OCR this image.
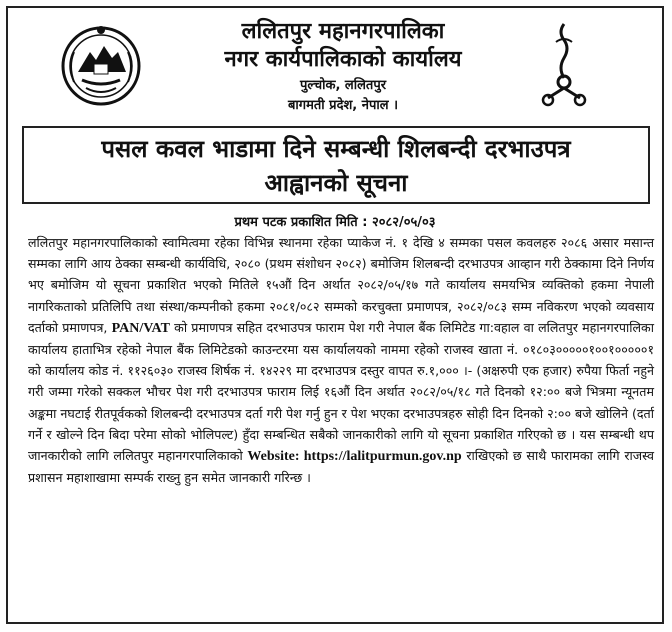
ललितपुर महानगरपालिका
नगर कार्यपालिकाको कार्यालय
पुल्चोक, ललितपुर
बागमती प्रदेश, नेपाल ।
पसल कवल भाडामा दिने सम्बन्धी शिलबन्दी दरभाउपत्र
आह्वानको सूचना
प्रथम पटक प्रकाशित मिति : २०८२/०५/०३
ललितपुर महानगरपालिकाको स्वामित्वमा रहेका विभिन्न स्थानमा रहेका प्याकेज नं. १ देखि ४ सम्मका पसल कवलहरु २०८६ असार मसान्त सम्मका लागि आय ठेक्का सम्बन्धी कार्यविधि, २०८० (प्रथम संशोधन २०८२) बमोजिम शिलबन्दी दरभाउपत्र आव्हान गरी ठेक्कामा दिने निर्णय भए बमोजिम यो सूचना प्रकाशित भएको मितिले १५औं दिन अर्थात २०८२/०५/१७ गते कार्यालय समयभित्र व्यक्तिको हकमा नेपाली नागरिकताको प्रतिलिपि तथा संस्था/कम्पनीको हकमा २०८१/०८२ सम्मको करचुक्ता प्रमाणपत्र, २०८२/०८३ सम्म नविकरण भएको व्यवसाय दर्ताको प्रमाणपत्र, PAN/VAT को प्रमाणपत्र सहित दरभाउपत्र फाराम पेश गरी नेपाल बैंक लिमिटेड गा:वहाल वा ललितपुर महानगरपालिका कार्यालय हाताभित्र रहेको नेपाल बैंक लिमिटेडको काउन्टरमा यस कार्यालयको नाममा रहेको राजस्व खाता नं. ०१८०३०००००१००१०००००१ को कार्यालय कोड नं. ११२६०३० राजस्व शिर्षक नं. १४२२९ मा दरभाउपत्र दस्तुर वापत रु.१,००० ।- (अक्षरुपी एक हजार) रुपैया फिर्ता नहुने गरी जम्मा गरेको सक्कल भौचर पेश गरी दरभाउपत्र फाराम लिई १६औं दिन अर्थात २०८२/०५/१८ गते दिनको १२:०० बजे भित्रमा न्यूनतम अङ्कमा नघटाई रीतपूर्वकको शिलबन्दी दरभाउपत्र दर्ता गरी पेश गर्नु हुन र पेश भएका दरभाउपत्रहरु सोही दिन दिनको २:०० बजे खोलिने (दर्ता गर्ने र खोल्ने दिन बिदा परेमा सोको भोलिपल्ट) हुँदा सम्बन्धित सबैको जानकारीको लागि यो सूचना प्रकाशित गरिएको छ । यस सम्बन्धी थप जानकारीको लागि ललितपुर महानगरपालिकाको Website: https://lalitpurmun.gov.np राखिएको छ साथै फारामका लागि राजस्व प्रशासन महाशाखामा सम्पर्क राख्नु हुन समेत जानकारी गरिन्छ ।
